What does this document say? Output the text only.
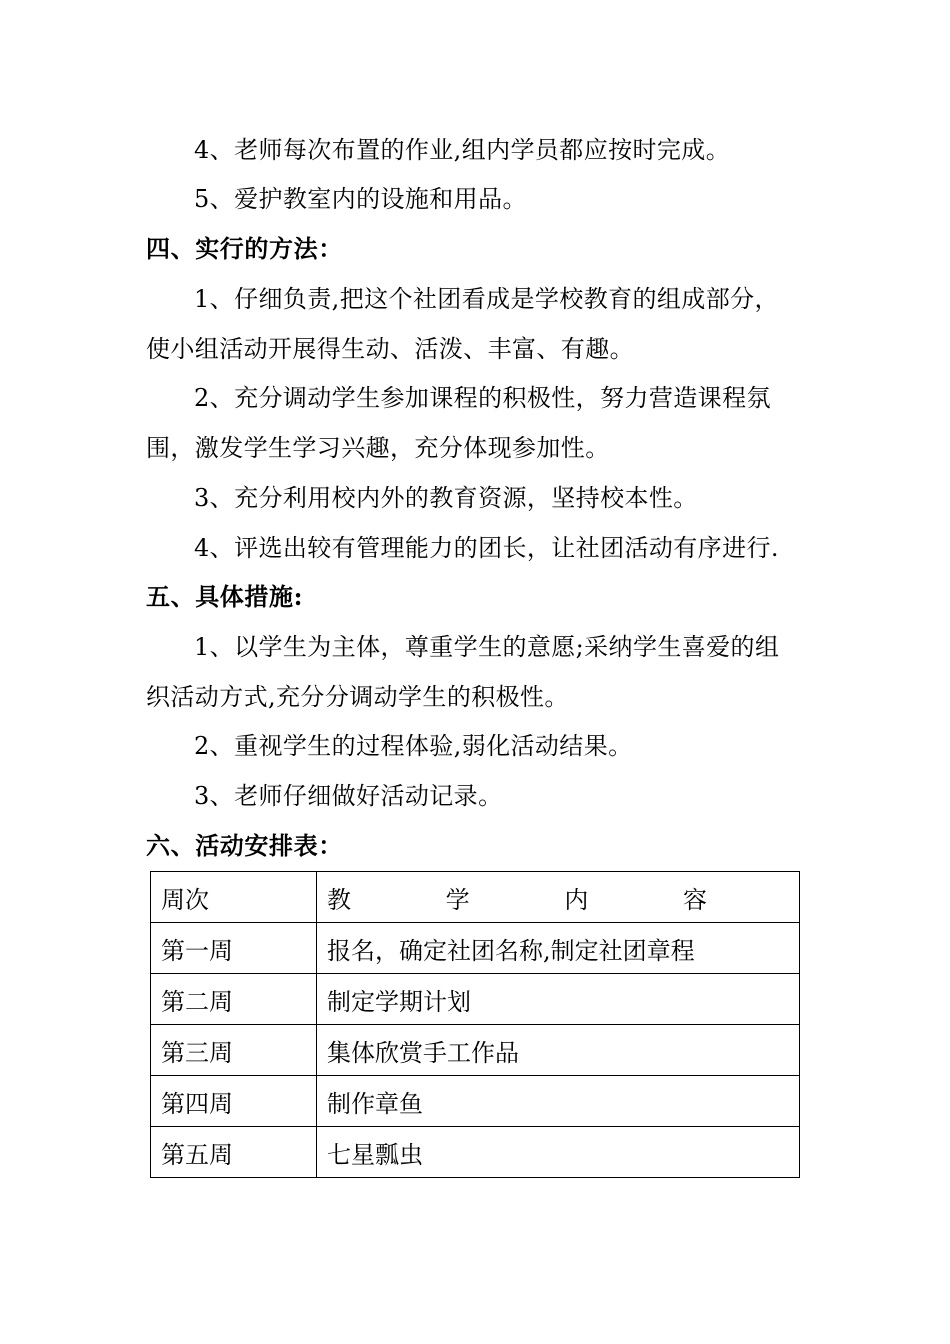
4、老师每次布置的作业,组内学员都应按时完成。
5、爱护教室内的设施和用品。
四、实行的方法：
1、仔细负责,把这个社团看成是学校教育的组成部分，
使小组活动开展得生动、活泼、丰富、有趣。
2、充分调动学生参加课程的积极性，努力营造课程氛
围，激发学生学习兴趣，充分体现参加性。
3、充分利用校内外的教育资源，坚持校本性。
4、评选出较有管理能力的团长，让社团活动有序进行.
五、具体措施:
1、以学生为主体，尊重学生的意愿;采纳学生喜爱的组
织活动方式,充分分调动学生的积极性。
2、重视学生的过程体验,弱化活动结果。
3、老师仔细做好活动记录。
六、活动安排表：
周次	教 学 内 容

第一周	报名，确定社团名称,制定社团章程
第二周	制定学期计划
第三周	集体欣赏手工作品
第四周	制作章鱼
第五周	七星瓢虫
